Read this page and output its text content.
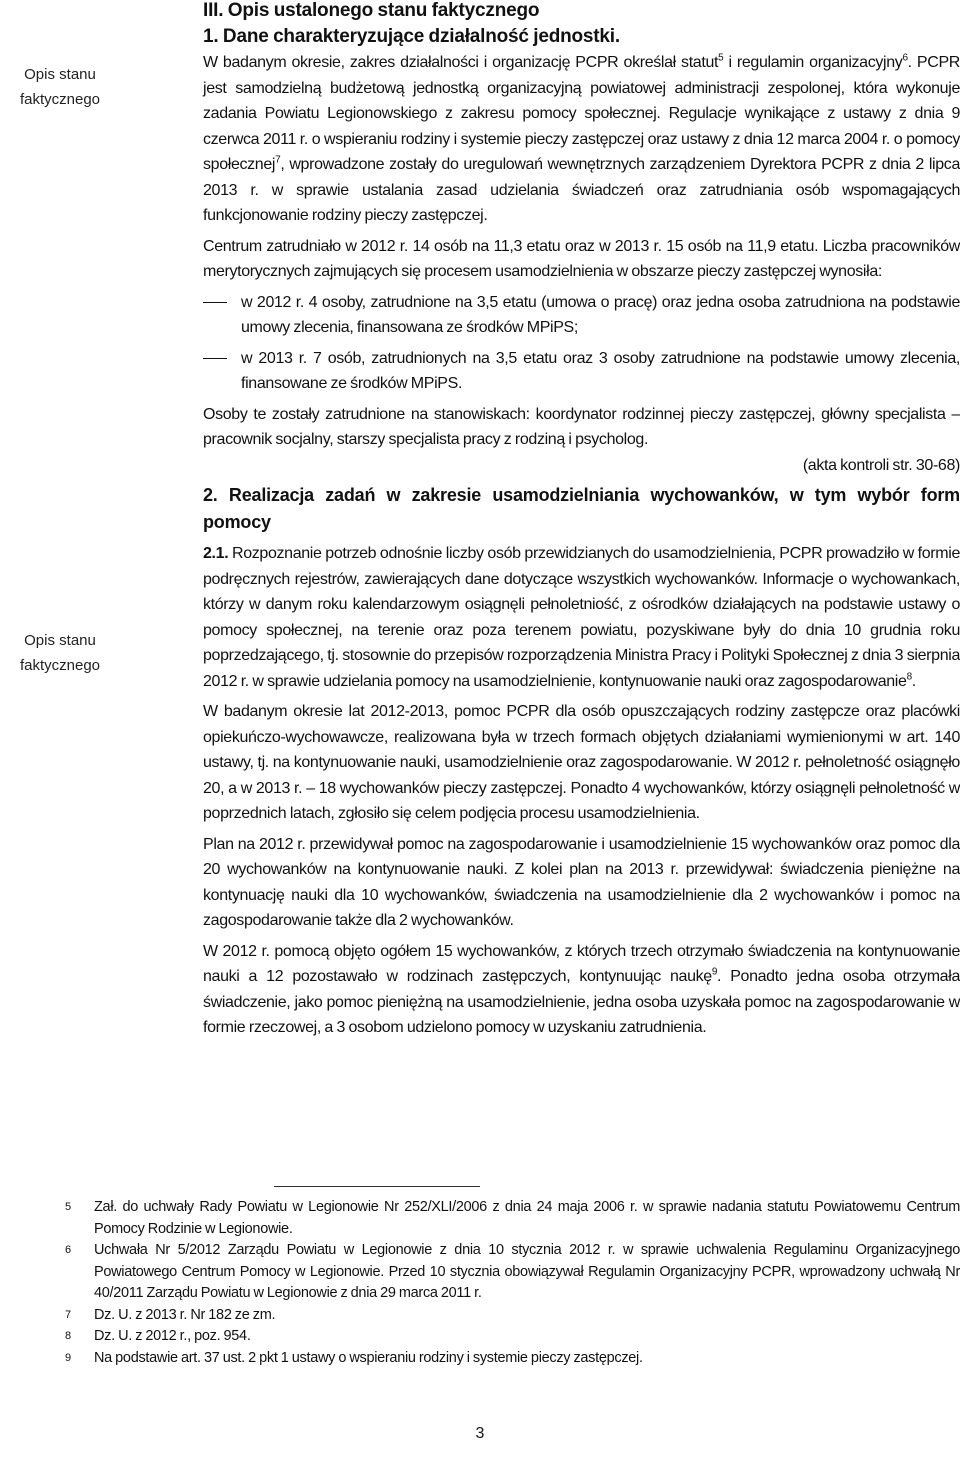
Opis stanu faktycznego
Opis stanu faktycznego
III. Opis ustalonego stanu faktycznego
1. Dane charakteryzujące działalność jednostki.

W badanym okresie, zakres działalności i organizację PCPR określał statut$^5$ i regulamin organizacyjny$^6$. PCPR jest samodzielną budżetową jednostką organizacyjną powiatowej administracji zespolonej, która wykonuje zadania Powiatu Legionowskiego z zakresu pomocy społecznej. Regulacje wynikające z ustawy z dnia 9 czerwca 2011 r. o wspieraniu rodziny i systemie pieczy zastępczej oraz ustawy z dnia 12 marca 2004 r. o pomocy społecznej$^7$, wprowadzone zostały do uregulowań wewnętrznych zarządzeniem Dyrektora PCPR z dnia 2 lipca 2013 r. w sprawie ustalania zasad udzielania świadczeń oraz zatrudniania osób wspomagających funkcjonowanie rodziny pieczy zastępczej.

Centrum zatrudniało w 2012 r. 14 osób na 11,3 etatu oraz w 2013 r. 15 osób na 11,9 etatu. Liczba pracowników merytorycznych zajmujących się procesem usamodzielnienia w obszarze pieczy zastępczej wynosiła:

w 2012 r. 4 osoby, zatrudnione na 3,5 etatu (umowa o pracę) oraz jedna osoba zatrudniona na podstawie umowy zlecenia, finansowana ze środków MPiPS;
w 2013 r. 7 osób, zatrudnionych na 3,5 etatu oraz 3 osoby zatrudnione na podstawie umowy zlecenia, finansowane ze środków MPiPS.

Osoby te zostały zatrudnione na stanowiskach: koordynator rodzinnej pieczy zastępczej, główny specjalista – pracownik socjalny, starszy specjalista pracy z rodziną i psycholog.

(akta kontroli str. 30-68)

2. Realizacja zadań w zakresie usamodzielniania wychowanków, w tym wybór form pomocy

2.1. Rozpoznanie potrzeb odnośnie liczby osób przewidzianych do usamodzielnienia, PCPR prowadziło w formie podręcznych rejestrów, zawierających dane dotyczące wszystkich wychowanków. Informacje o wychowankach, którzy w danym roku kalendarzowym osiągnęli pełnoletniość, z ośrodków działających na podstawie ustawy o pomocy społecznej, na terenie oraz poza terenem powiatu, pozyskiwane były do dnia 10 grudnia roku poprzedzającego, tj. stosownie do przepisów rozporządzenia Ministra Pracy i Polityki Społecznej z dnia 3 sierpnia 2012 r. w sprawie udzielania pomocy na usamodzielnienie, kontynuowanie nauki oraz zagospodarowanie$^8$.

W badanym okresie lat 2012-2013, pomoc PCPR dla osób opuszczających rodziny zastępcze oraz placówki opiekuńczo-wychowawcze, realizowana była w trzech formach objętych działaniami wymienionymi w art. 140 ustawy, tj. na kontynuowanie nauki, usamodzielnienie oraz zagospodarowanie. W 2012 r. pełnoletność osiągnęło 20, a w 2013 r. – 18 wychowanków pieczy zastępczej. Ponadto 4 wychowanków, którzy osiągnęli pełnoletność w poprzednich latach, zgłosiło się celem podjęcia procesu usamodzielnienia.

Plan na 2012 r. przewidywał pomoc na zagospodarowanie i usamodzielnienie 15 wychowanków oraz pomoc dla 20 wychowanków na kontynuowanie nauki. Z kolei plan na 2013 r. przewidywał: świadczenia pieniężne na kontynuację nauki dla 10 wychowanków, świadczenia na usamodzielnienie dla 2 wychowanków i pomoc na zagospodarowanie także dla 2 wychowanków.

W 2012 r. pomocą objęto ogółem 15 wychowanków, z których trzech otrzymało świadczenia na kontynuowanie nauki a 12 pozostawało w rodzinach zastępczych, kontynuując naukę$^9$. Ponadto jedna osoba otrzymała świadczenie, jako pomoc pieniężną na usamodzielnienie, jedna osoba uzyskała pomoc na zagospodarowanie w formie rzeczowej, a 3 osobom udzielono pomocy w uzyskaniu zatrudnienia.

5 Zał. do uchwały Rady Powiatu w Legionowie Nr 252/XLI/2006 z dnia 24 maja 2006 r. w sprawie nadania statutu Powiatowemu Centrum Pomocy Rodzinie w Legionowie.
6 Uchwała Nr 5/2012 Zarządu Powiatu w Legionowie z dnia 10 stycznia 2012 r. w sprawie uchwalenia Regulaminu Organizacyjnego Powiatowego Centrum Pomocy w Legionowie. Przed 10 stycznia obowiązywał Regulamin Organizacyjny PCPR, wprowadzony uchwałą Nr 40/2011 Zarządu Powiatu w Legionowie z dnia 29 marca 2011 r.
7 Dz. U. z 2013 r. Nr 182 ze zm.
8 Dz. U. z 2012 r., poz. 954.
9 Na podstawie art. 37 ust. 2 pkt 1 ustawy o wspieraniu rodziny i systemie pieczy zastępczej.
3
